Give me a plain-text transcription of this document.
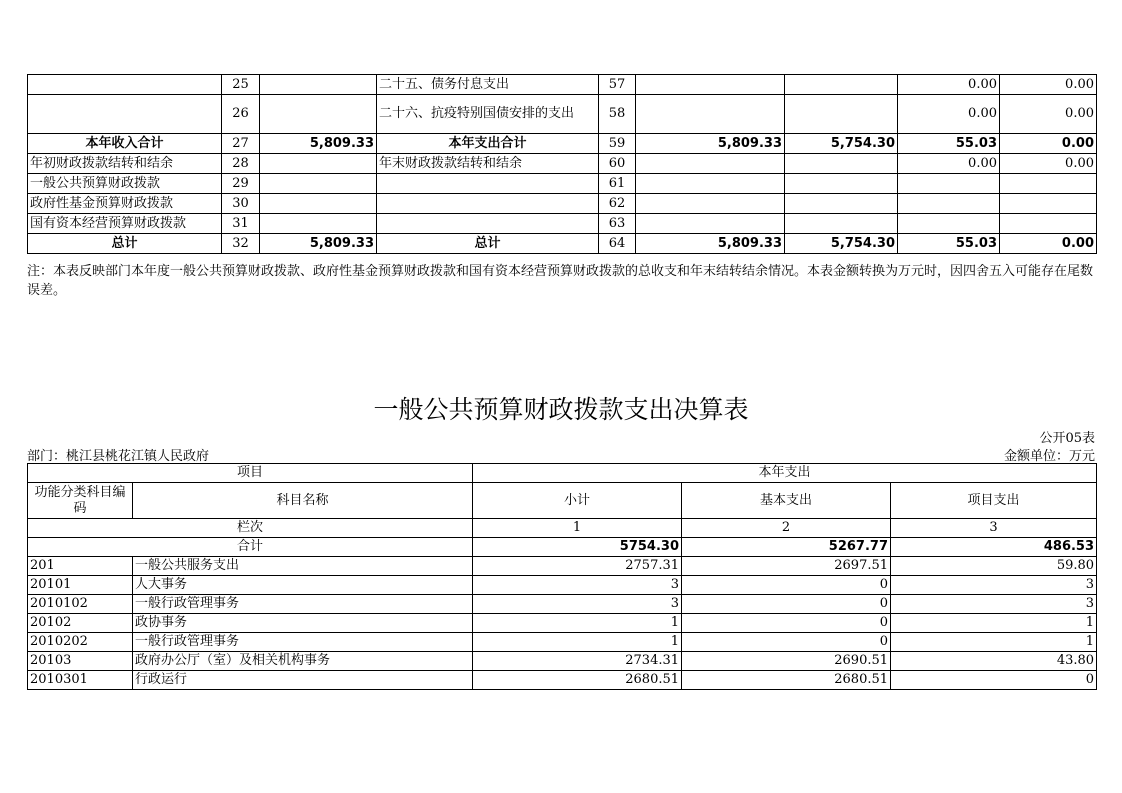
	25		二十五、债务付息支出	57			0.00	0.00
	26		二十六、抗疫特别国债安排的支出	58			0.00	0.00
本年收入合计	27	5,809.33	本年支出合计	59	5,809.33	5,754.30	55.03	0.00
年初财政拨款结转和结余	28		年末财政拨款结转和结余	60			0.00	0.00
一般公共预算财政拨款	29			61				
政府性基金预算财政拨款	30			62				
国有资本经营预算财政拨款	31			63				
总计	32	5,809.33	总计	64	5,809.33	5,754.30	55.03	0.00
注：本表反映部门本年度一般公共预算财政拨款、政府性基金预算财政拨款和国有资本经营预算财政拨款的总收支和年末结转结余情况。本表金额转换为万元时，因四舍五入可能存在尾数误差。
一般公共预算财政拨款支出决算表
公开05表
部门：桃江县桃花江镇人民政府	金额单位：万元
项目		本年支出		
功能分类科目编码	科目名称	小计	基本支出	项目支出
栏次		1	2	3
合计		5754.30	5267.77	486.53
201	一般公共服务支出	2757.31	2697.51	59.80
20101	人大事务	3	0	3
2010102	一般行政管理事务	3	0	3
20102	政协事务	1	0	1
2010202	一般行政管理事务	1	0	1
20103	政府办公厅（室）及相关机构事务	2734.31	2690.51	43.80
2010301	行政运行	2680.51	2680.51	0
